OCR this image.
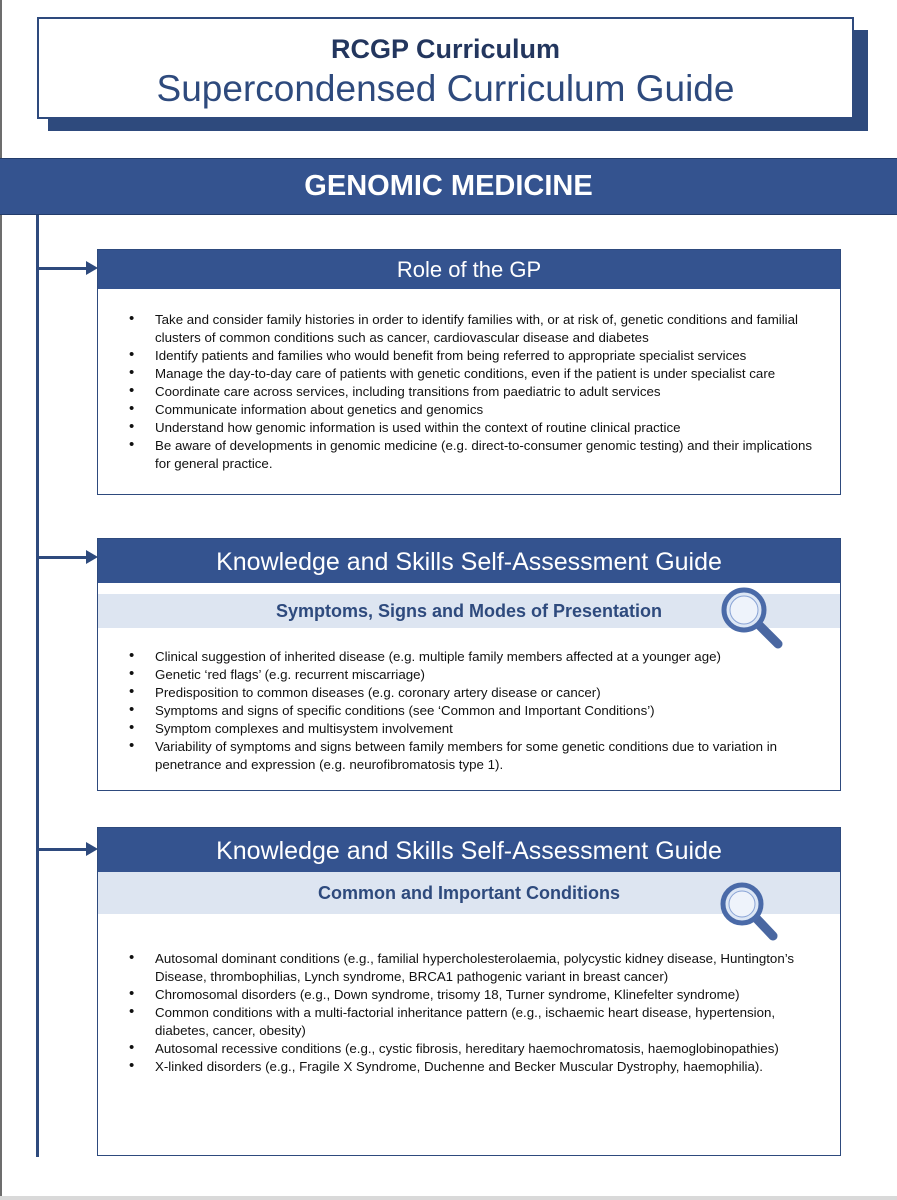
RCGP Curriculum
Supercondensed Curriculum Guide
GENOMIC MEDICINE
Role of the GP
• Take and consider family histories in order to identify families with, or at risk of, genetic conditions and familial clusters of common conditions such as cancer, cardiovascular disease and diabetes
• Identify patients and families who would benefit from being referred to appropriate specialist services
• Manage the day-to-day care of patients with genetic conditions, even if the patient is under specialist care
• Coordinate care across services, including transitions from paediatric to adult services
• Communicate information about genetics and genomics
• Understand how genomic information is used within the context of routine clinical practice
• Be aware of developments in genomic medicine (e.g. direct-to-consumer genomic testing) and their implications for general practice.
Knowledge and Skills Self-Assessment Guide
Symptoms, Signs and Modes of Presentation
• Clinical suggestion of inherited disease (e.g. multiple family members affected at a younger age)
• Genetic ‘red flags’ (e.g. recurrent miscarriage)
• Predisposition to common diseases (e.g. coronary artery disease or cancer)
• Symptoms and signs of specific conditions (see ‘Common and Important Conditions’)
• Symptom complexes and multisystem involvement
• Variability of symptoms and signs between family members for some genetic conditions due to variation in penetrance and expression (e.g. neurofibromatosis type 1).
Knowledge and Skills Self-Assessment Guide
Common and Important Conditions
• Autosomal dominant conditions (e.g., familial hypercholesterolaemia, polycystic kidney disease, Huntington’s Disease, thrombophilias, Lynch syndrome, BRCA1 pathogenic variant in breast cancer)
• Chromosomal disorders (e.g., Down syndrome, trisomy 18, Turner syndrome, Klinefelter syndrome)
• Common conditions with a multi-factorial inheritance pattern (e.g., ischaemic heart disease, hypertension, diabetes, cancer, obesity)
• Autosomal recessive conditions (e.g., cystic fibrosis, hereditary haemochromatosis, haemoglobinopathies)
• X-linked disorders (e.g., Fragile X Syndrome, Duchenne and Becker Muscular Dystrophy, haemophilia).
